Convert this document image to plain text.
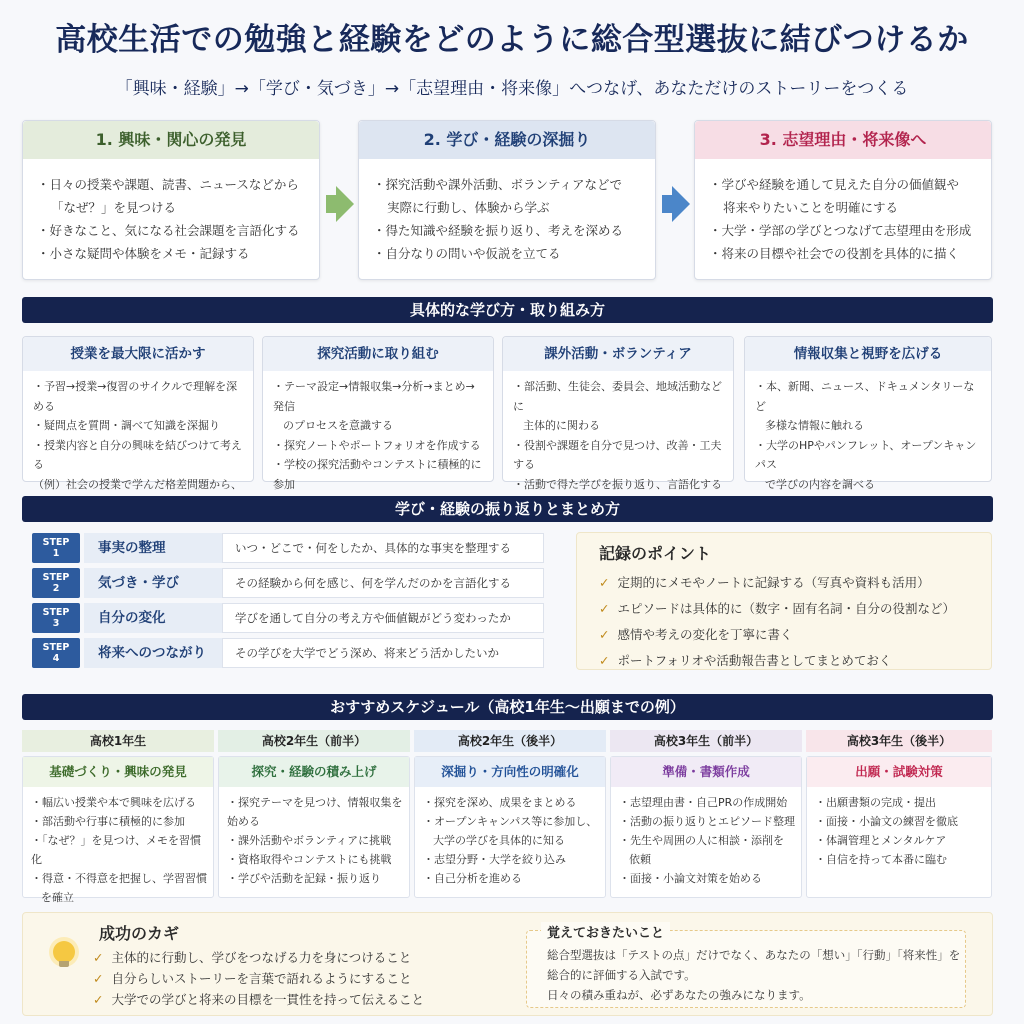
高校生活での勉強と経験をどのように総合型選抜に結びつけるか
「興味・経験」→「学び・気づき」→「志望理由・将来像」へつなげ、あなただけのストーリーをつくる
1. 興味・関心の発見
・日々の授業や課題、読書、ニュースなどから
「なぜ？」を見つける
・好きなこと、気になる社会課題を言語化する
・小さな疑問や体験をメモ・記録する
2. 学び・経験の深掘り
・探究活動や課外活動、ボランティアなどで
実際に行動し、体験から学ぶ
・得た知識や経験を振り返り、考えを深める
・自分なりの問いや仮説を立てる
3. 志望理由・将来像へ
・学びや経験を通して見えた自分の価値観や
将来やりたいことを明確にする
・大学・学部の学びとつなげて志望理由を形成
・将来の目標や社会での役割を具体的に描く
具体的な学び方・取り組み方
授業を最大限に活かす
・予習→授業→復習のサイクルで理解を深める
・疑問点を質問・調べて知識を深掘り
・授業内容と自分の興味を結びつけて考える
（例）社会の授業で学んだ格差問題から、
探究活動に取り組む
・テーマ設定→情報収集→分析→まとめ→発信
のプロセスを意識する
・探究ノートやポートフォリオを作成する
・学校の探究活動やコンテストに積極的に参加
課外活動・ボランティア
・部活動、生徒会、委員会、地域活動などに
主体的に関わる
・役割や課題を自分で見つけ、改善・工夫する
・活動で得た学びを振り返り、言語化する
情報収集と視野を広げる
・本、新聞、ニュース、ドキュメンタリーなど
多様な情報に触れる
・大学のHPやパンフレット、オープンキャンパス
で学びの内容を調べる
学び・経験の振り返りとまとめ方
STEP
1	事実の整理	いつ・どこで・何をしたか、具体的な事実を整理する
STEP
2	気づき・学び	その経験から何を感じ、何を学んだのかを言語化する
STEP
3	自分の変化	学びを通して自分の考え方や価値観がどう変わったか
STEP
4	将来へのつながり	その学びを大学でどう深め、将来どう活かしたいか
記録のポイント
✓ 定期的にメモやノートに記録する（写真や資料も活用）
✓ エピソードは具体的に（数字・固有名詞・自分の役割など）
✓ 感情や考えの変化を丁寧に書く
✓ ポートフォリオや活動報告書としてまとめておく
おすすめスケジュール（高校1年生〜出願までの例）
高校1年生	高校2年生（前半）	高校2年生（後半）	高校3年生（前半）	高校3年生（後半）
基礎づくり・興味の発見
・幅広い授業や本で興味を広げる
・部活動や行事に積極的に参加
・「なぜ？」を見つけ、メモを習慣化
・得意・不得意を把握し、学習習慣
を確立
探究・経験の積み上げ
・探究テーマを見つけ、情報収集を始める
・課外活動やボランティアに挑戦
・資格取得やコンテストにも挑戦
・学びや活動を記録・振り返り
深掘り・方向性の明確化
・探究を深め、成果をまとめる
・オープンキャンパス等に参加し、
大学の学びを具体的に知る
・志望分野・大学を絞り込み
・自己分析を進める
準備・書類作成
・志望理由書・自己PRの作成開始
・活動の振り返りとエピソード整理
・先生や周囲の人に相談・添削を
依頼
・面接・小論文対策を始める
出願・試験対策
・出願書類の完成・提出
・面接・小論文の練習を徹底
・体調管理とメンタルケア
・自信を持って本番に臨む
成功のカギ
✓ 主体的に行動し、学びをつなげる力を身につけること
✓ 自分らしいストーリーを言葉で語れるようにすること
✓ 大学での学びと将来の目標を一貫性を持って伝えること
覚えておきたいこと

総合型選抜は「テストの点」だけでなく、あなたの「想い」「行動」「将来性」を

総合的に評価する入試です。

日々の積み重ねが、必ずあなたの強みになります。
